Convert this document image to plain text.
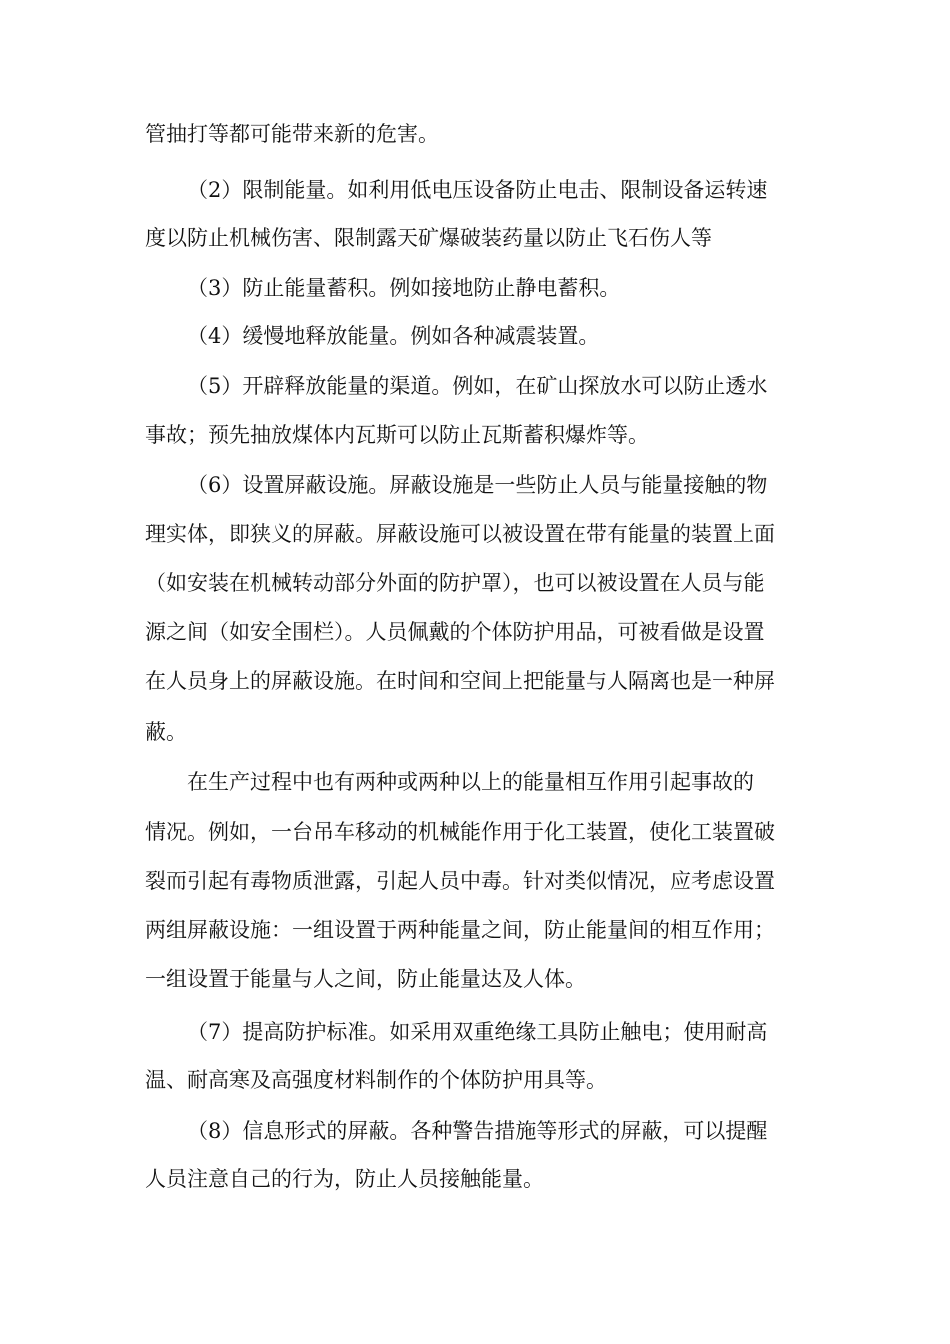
管抽打等都可能带来新的危害。

（2）限制能量。如利用低电压设备防止电击、限制设备运转速

度以防止机械伤害、限制露天矿爆破装药量以防止飞石伤人等

（3）防止能量蓄积。例如接地防止静电蓄积。

（4）缓慢地释放能量。例如各种减震装置。

（5）开辟释放能量的渠道。例如，在矿山探放水可以防止透水

事故；预先抽放煤体内瓦斯可以防止瓦斯蓄积爆炸等。

（6）设置屏蔽设施。屏蔽设施是一些防止人员与能量接触的物

理实体，即狭义的屏蔽。屏蔽设施可以被设置在带有能量的装置上面

（如安装在机械转动部分外面的防护罩），也可以被设置在人员与能

源之间（如安全围栏）。人员佩戴的个体防护用品，可被看做是设置

在人员身上的屏蔽设施。在时间和空间上把能量与人隔离也是一种屏

蔽。

在生产过程中也有两种或两种以上的能量相互作用引起事故的

情况。例如，一台吊车移动的机械能作用于化工装置，使化工装置破

裂而引起有毒物质泄露，引起人员中毒。针对类似情况，应考虑设置

两组屏蔽设施：一组设置于两种能量之间，防止能量间的相互作用；

一组设置于能量与人之间，防止能量达及人体。

（7）提高防护标准。如采用双重绝缘工具防止触电；使用耐高

温、耐高寒及高强度材料制作的个体防护用具等。

（8）信息形式的屏蔽。各种警告措施等形式的屏蔽，可以提醒

人员注意自己的行为，防止人员接触能量。
